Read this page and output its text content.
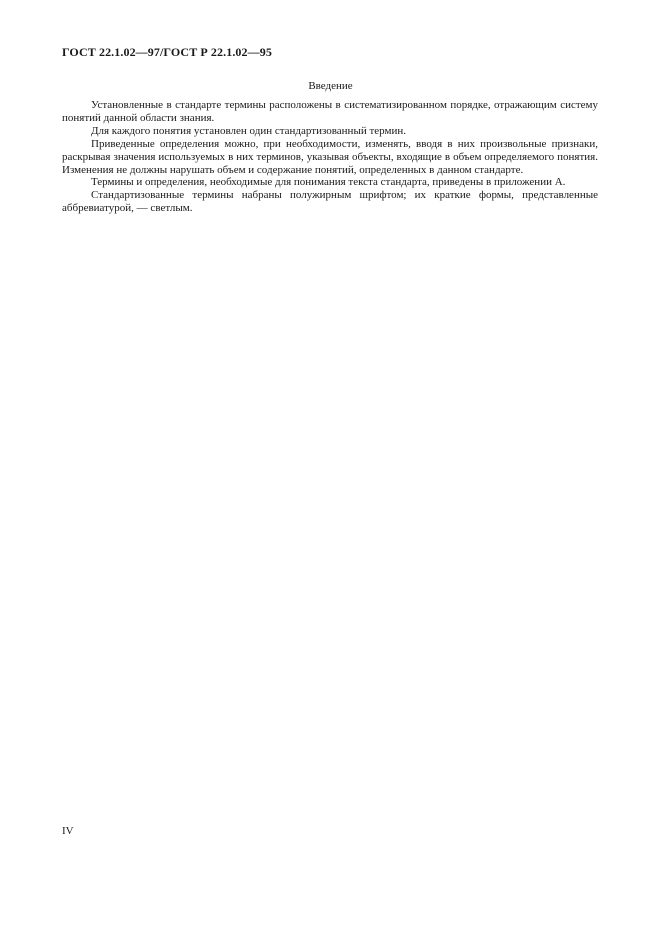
ГОСТ 22.1.02—97/ГОСТ Р 22.1.02—95
Введение

Установленные в стандарте термины расположены в систематизированном порядке, отражающим систему понятий данной области знания.

Для каждого понятия установлен один стандартизованный термин.

Приведенные определения можно, при необходимости, изменять, вводя в них произвольные признаки, раскрывая значения используемых в них терминов, указывая объекты, входящие в объем определяемого понятия. Изменения не должны нарушать объем и содержание понятий, определенных в данном стандарте.

Термины и определения, необходимые для понимания текста стандарта, приведены в приложении А.

Стандартизованные термины набраны полужирным шрифтом; их краткие формы, представленные аббревиатурой, — светлым.

IV
